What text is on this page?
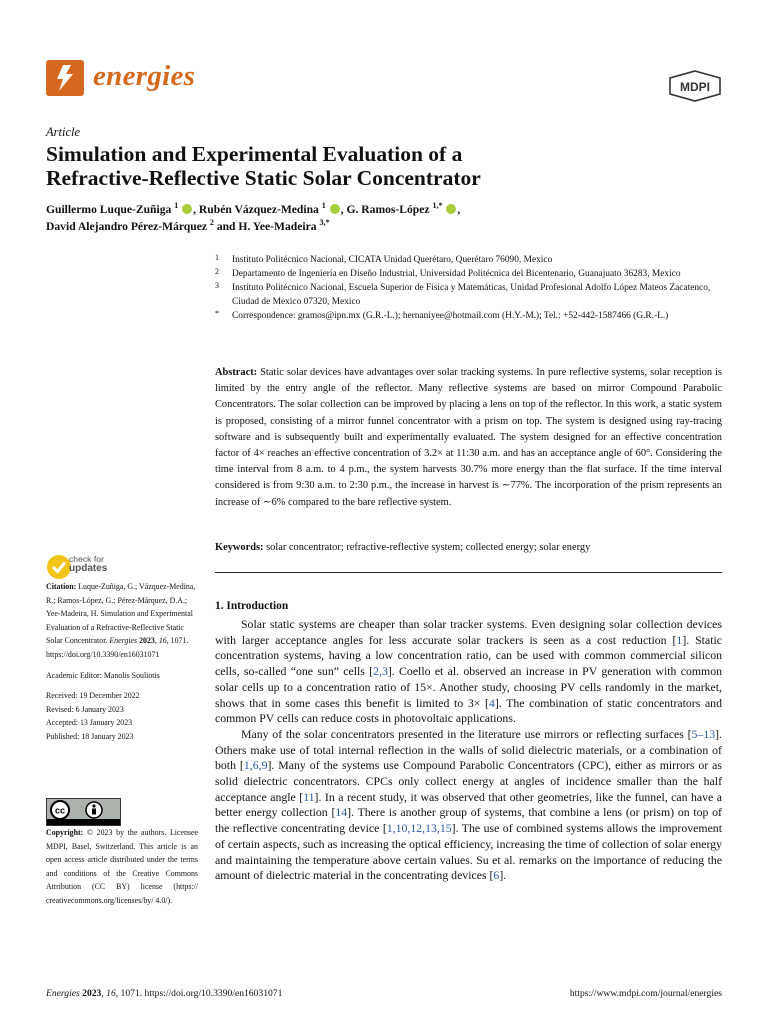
energies	MDPI
Article
Simulation and Experimental Evaluation of a
Refractive-Reflective Static Solar Concentrator
Guillermo Luque-Zuñiga $^1$ , Rubén Vázquez-Medina $^1$ , G. Ramos-López $^{1,*}$ ,
David Alejandro Pérez-Márquez $^2$ and H. Yee-Madeira $^{3,*}$
1 Instituto Politécnico Nacional, CICATA Unidad Querétaro, Querétaro 76090, Mexico
2 Departamento de Ingeniería en Diseño Industrial, Universidad Politécnica del Bicentenario, Guanajuato 36283, Mexico
3 Instituto Politécnico Nacional, Escuela Superior de Física y Matemáticas, Unidad Profesional Adolfo López Mateos Zacatenco, Ciudad de Mexico 07320, Mexico
* Correspondence: gramos@ipn.mx (G.R.-L.); hernaniyee@hotmail.com (H.Y.-M.); Tel.: +52-442-1587466 (G.R.-L.)
Abstract: Static solar devices have advantages over solar tracking systems. In pure reflective systems, solar reception is limited by the entry angle of the reflector. Many reflective systems are based on mirror Compound Parabolic Concentrators. The solar collection can be improved by placing a lens on top of the reflector. In this work, a static system is proposed, consisting of a mirror funnel concentrator with a prism on top. The system is designed using ray-tracing software and is subsequently built and experimentally evaluated. The system designed for an effective concentration factor of 4× reaches an effective concentration of 3.2× at 11:30 a.m. and has an acceptance angle of 60°. Considering the time interval from 8 a.m. to 4 p.m., the system harvests 30.7% more energy than the flat surface. If the time interval considered is from 9:30 a.m. to 2:30 p.m., the increase in harvest is ∼77%. The incorporation of the prism represents an increase of ∼6% compared to the bare reflective system.
Keywords: solar concentrator; refractive-reflective system; collected energy; solar energy
check for
updates

Citation: Luque-Zuñiga, G.; Vázquez-Medina, R.; Ramos-López, G.; Pérez-Márquez, D.A.; Yee-Madeira, H. Simulation and Experimental Evaluation of a Refractive-Reflective Static Solar Concentrator. Energies 2023, 16, 1071. https://doi.org/10.3390/en16031071

Academic Editor: Manolis Souliotis

Received: 19 December 2022

Revised: 6 January 2023

Accepted: 13 January 2023

Published: 18 January 2023

cc
Copyright: © 2023 by the authors. Licensee MDPI, Basel, Switzerland. This article is an open access article distributed under the terms and conditions of the Creative Commons Attribution (CC BY) license (https:// creativecommons.org/licenses/by/ 4.0/).
1. Introduction

Solar static systems are cheaper than solar tracker systems. Even designing solar collection devices with larger acceptance angles for less accurate solar trackers is seen as a cost reduction [1]. Static concentration systems, having a low concentration ratio, can be used with common commercial silicon cells, so-called “one sun” cells [2,3]. Coello et al. observed an increase in PV generation with common solar cells up to a concentration ratio of 15×. Another study, choosing PV cells randomly in the market, shows that in some cases this benefit is limited to 3× [4]. The combination of static concentrators and common PV cells can reduce costs in photovoltaic applications.

Many of the solar concentrators presented in the literature use mirrors or reflecting surfaces [5–13]. Others make use of total internal reflection in the walls of solid dielectric materials, or a combination of both [1,6,9]. Many of the systems use Compound Parabolic Concentrators (CPC), either as mirrors or as solid dielectric concentrators. CPCs only collect energy at angles of incidence smaller than the half acceptance angle [11]. In a recent study, it was observed that other geometries, like the funnel, can have a better energy collection [14]. There is another group of systems, that combine a lens (or prism) on top of the reflective concentrating device [1,10,12,13,15]. The use of combined systems allows the improvement of certain aspects, such as increasing the optical efficiency, increasing the time of collection of solar energy and maintaining the temperature above certain values. Su et al. remarks on the importance of reducing the amount of dielectric material in the concentrating devices [6].

Energies 2023, 16, 1071. https://doi.org/10.3390/en16031071	https://www.mdpi.com/journal/energies
